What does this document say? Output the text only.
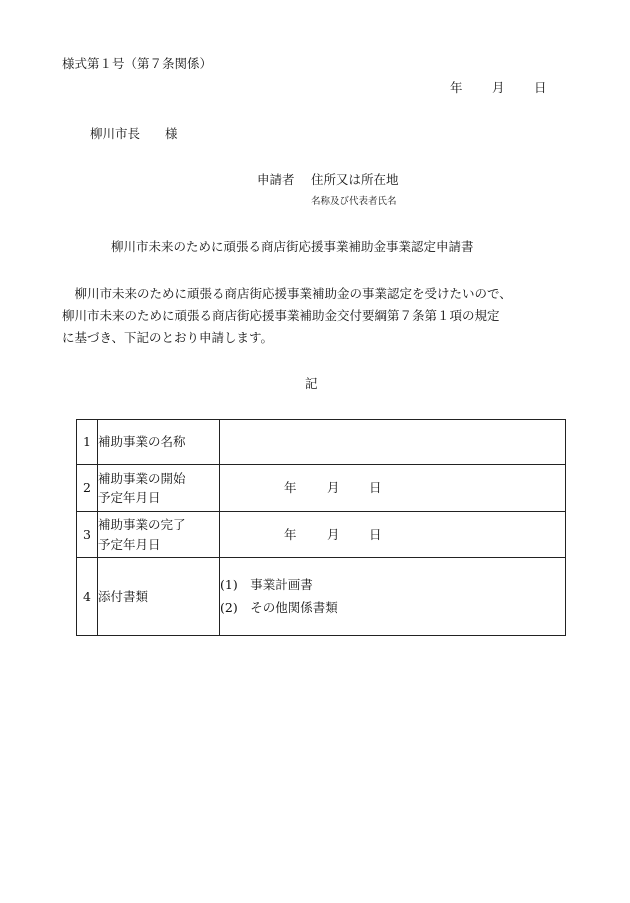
様式第１号（第７条関係）
年 月 日
柳川市長　　様
申請者 住所又は所在地
名称及び代表者氏名
柳川市未来のために頑張る商店街応援事業補助金事業認定申請書
　柳川市未来のために頑張る商店街応援事業補助金の事業認定を受けたいので、
柳川市未来のために頑張る商店街応援事業補助金交付要綱第７条第１項の規定
に基づき、下記のとおり申請します。
記
1	補助事業の名称	

2	補助事業の開始
予定年月日	年 月 日

3	補助事業の完了
予定年月日	年 月 日

4	添付書類	(1)　事業計画書
(2)　その他関係書類
